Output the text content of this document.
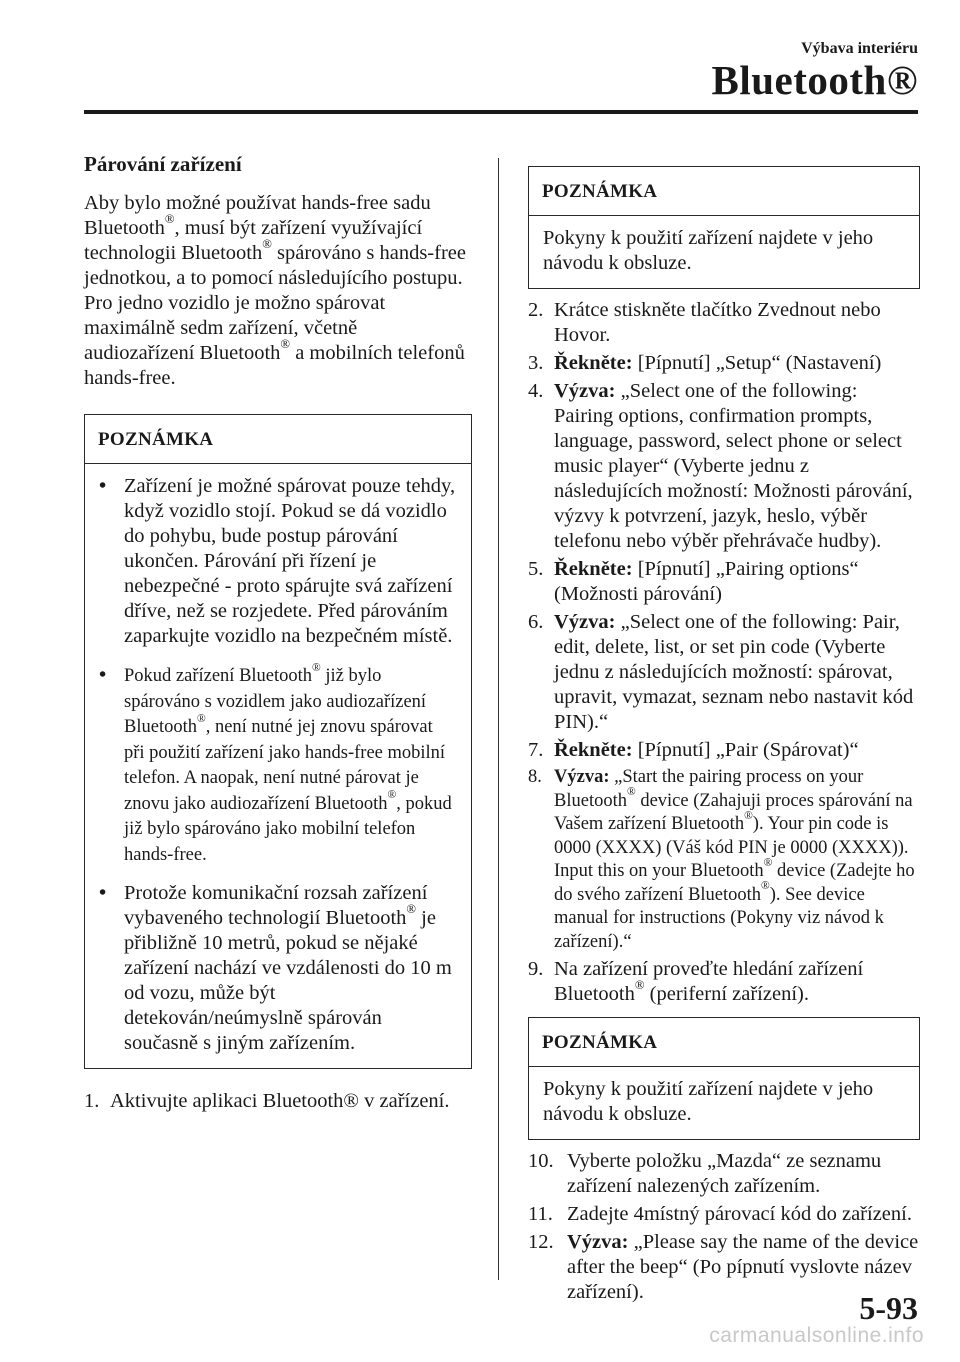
Výbava interiéru
Bluetooth®
Párování zařízení

Aby bylo možné používat hands-free sadu Bluetooth®, musí být zařízení využívající technologii Bluetooth® spárováno s hands-free jednotkou, a to pomocí následujícího postupu.

Pro jedno vozidlo je možno spárovat maximálně sedm zařízení, včetně audiozařízení Bluetooth® a mobilních telefonů hands-free.

POZNÁMKA
• Zařízení je možné spárovat pouze tehdy, když vozidlo stojí. Pokud se dá vozidlo do pohybu, bude postup párování ukončen. Párování při řízení je nebezpečné - proto spárujte svá zařízení dříve, než se rozjedete. Před párováním zaparkujte vozidlo na bezpečném místě.
• Pokud zařízení Bluetooth® již bylo spárováno s vozidlem jako audiozařízení Bluetooth®, není nutné jej znovu spárovat při použití zařízení jako hands-free mobilní telefon. A naopak, není nutné párovat je znovu jako audiozařízení Bluetooth®, pokud již bylo spárováno jako mobilní telefon hands-free.
• Protože komunikační rozsah zařízení vybaveného technologií Bluetooth® je přibližně 10 metrů, pokud se nějaké zařízení nachází ve vzdálenosti do 10 m od vozu, může být detekován/neúmyslně spárován současně s jiným zařízením.
1. Aktivujte aplikaci Bluetooth® v zařízení.
POZNÁMKA

Pokyny k použití zařízení najdete v jeho návodu k obsluze.

2. Krátce stiskněte tlačítko Zvednout nebo Hovor.
3. Řekněte: [Pípnutí] „Setup“ (Nastavení)
4. Výzva: „Select one of the following: Pairing options, confirmation prompts, language, password, select phone or select music player“ (Vyberte jednu z následujících možností: Možnosti párování, výzvy k potvrzení, jazyk, heslo, výběr telefonu nebo výběr přehrávače hudby).
5. Řekněte: [Pípnutí] „Pairing options“ (Možnosti párování)
6. Výzva: „Select one of the following: Pair, edit, delete, list, or set pin code (Vyberte jednu z následujících možností: spárovat, upravit, vymazat, seznam nebo nastavit kód PIN).“
7. Řekněte: [Pípnutí] „Pair (Spárovat)“
8. Výzva: „Start the pairing process on your Bluetooth® device (Zahajuji proces spárování na Vašem zařízení Bluetooth®). Your pin code is 0000 (XXXX) (Váš kód PIN je 0000 (XXXX)). Input this on your Bluetooth® device (Zadejte ho do svého zařízení Bluetooth®). See device manual for instructions (Pokyny viz návod k zařízení).“
9. Na zařízení proveďte hledání zařízení Bluetooth® (periferní zařízení).
POZNÁMKA

Pokyny k použití zařízení najdete v jeho návodu k obsluze.

10. Vyberte položku „Mazda“ ze seznamu zařízení nalezených zařízením.
11. Zadejte 4místný párovací kód do zařízení.
12. Výzva: „Please say the name of the device after the beep“ (Po pípnutí vyslovte název zařízení).	5-93
carmanualsonline.info
